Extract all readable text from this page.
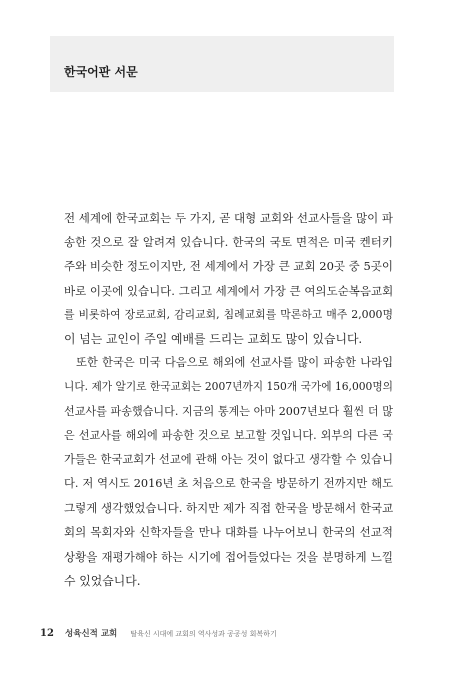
한국어판 서문
전 세계에 한국교회는 두 가지, 곧 대형 교회와 선교사들을 많이 파
송한 것으로 잘 알려져 있습니다. 한국의 국토 면적은 미국 켄터키
주와 비슷한 정도이지만, 전 세계에서 가장 큰 교회 20곳 중 5곳이
바로 이곳에 있습니다. 그리고 세계에서 가장 큰 여의도순복음교회
를 비롯하여 장로교회, 감리교회, 침례교회를 막론하고 매주 2,000명
이 넘는 교인이 주일 예배를 드리는 교회도 많이 있습니다.
또한 한국은 미국 다음으로 해외에 선교사를 많이 파송한 나라입
니다. 제가 알기로 한국교회는 2007년까지 150개 국가에 16,000명의
선교사를 파송했습니다. 지금의 통계는 아마 2007년보다 훨씬 더 많
은 선교사를 해외에 파송한 것으로 보고할 것입니다. 외부의 다른 국
가들은 한국교회가 선교에 관해 아는 것이 없다고 생각할 수 있습니
다. 저 역시도 2016년 초 처음으로 한국을 방문하기 전까지만 해도
그렇게 생각했었습니다. 하지만 제가 직접 한국을 방문해서 한국교
회의 목회자와 신학자들을 만나 대화를 나누어보니 한국의 선교적
상황을 재평가해야 하는 시기에 접어들었다는 것을 분명하게 느낄
수 있었습니다.
12 성육신적 교회 탈육신 시대에 교회의 역사성과 공공성 회복하기
